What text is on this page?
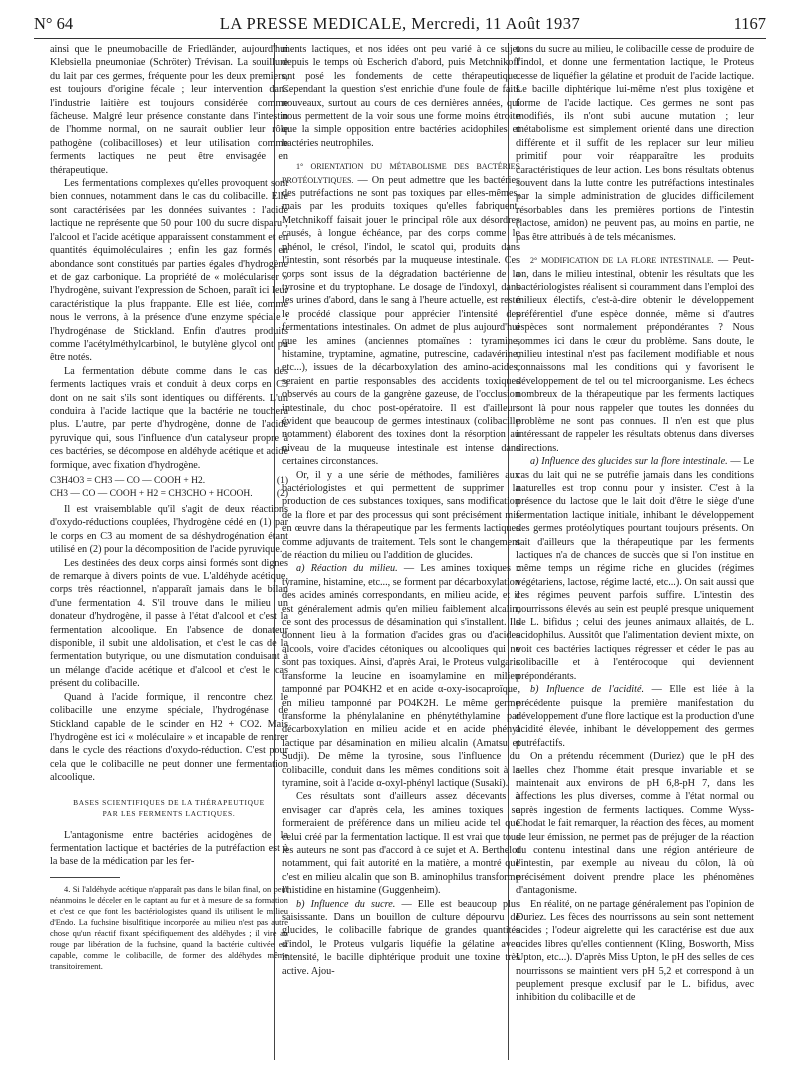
N° 64	LA PRESSE MEDICALE, Mercredi, 11 Août 1937	1167

ainsi que le pneumobacille de Friedländer, aujourd'hui Klebsiella pneumoniae (Schröter) Trévisan. La souillure du lait par ces germes, fréquente pour les deux premiers, est toujours d'origine fécale ; leur intervention dans l'industrie laitière est toujours considérée comme fâcheuse. Malgré leur présence constante dans l'intestin de l'homme normal, on ne saurait oublier leur rôle pathogène (colibacilloses) et leur utilisation comme ferments lactiques ne peut être envisagée en thérapeutique.

Les fermentations complexes qu'elles provoquent sont bien connues, notamment dans le cas du colibacille. Elle sont caractérisées par les données suivantes : l'acide lactique ne représente que 50 pour 100 du sucre disparu ; l'alcool et l'acide acétique apparaissent constamment et en quantités équimoléculaires ; enfin les gaz formés en abondance sont constitués par parties égales d'hydrogène et de gaz carbonique. La propriété de « moléculariser » l'hydrogène, suivant l'expression de Schoen, paraît ici leur caractéristique la plus frappante. Elle est liée, comme nous le verrons, à la présence d'une enzyme spéciale : l'hydrogénase de Stickland. Enfin d'autres produits comme l'acétylméthylcarbinol, le butylène glycol ont pu être notés.

La fermentation débute comme dans le cas des ferments lactiques vrais et conduit à deux corps en C3 dont on ne sait s'ils sont identiques ou différents. L'un conduira à l'acide lactique que la bactérie ne touchera plus. L'autre, par perte d'hydrogène, donne de l'acide pyruvique qui, sous l'influence d'un catalyseur propre à ces bactéries, se décompose en aldéhyde acétique et acide formique, avec fixation d'hydrogène.

C3H4O3 = CH3 — CO — COOH + H2.	(1)
CH3 — CO — COOH + H2 = CH3CHO + HCOOH.	(2)

Il est vraisemblable qu'il s'agit de deux réactions d'oxydo-réductions couplées, l'hydrogène cédé en (1) par le corps en C3 au moment de sa déshydrogénation étant utilisé en (2) pour la décomposition de l'acide pyruvique.

Les destinées des deux corps ainsi formés sont dignes de remarque à divers points de vue. L'aldéhyde acétique, corps très réactionnel, n'apparaît jamais dans le bilan d'une fermentation 4. S'il trouve dans le milieu un donateur d'hydrogène, il passe à l'état d'alcool et c'est la fermentation alcoolique. En l'absence de donateur disponible, il subit une aldolisation, et c'est le cas de la fermentation butyrique, ou une dismutation conduisant à un mélange d'acide acétique et d'alcool et c'est le cas présent du colibacille.

Quand à l'acide formique, il rencontre chez le colibacille une enzyme spéciale, l'hydrogénase de Stickland capable de le scinder en H2 + CO2. Mais l'hydrogène est ici « moléculaire » et incapable de rentrer dans le cycle des réactions d'oxydo-réduction. C'est pour cela que le colibacille ne peut donner une fermentation alcoolique.

BASES SCIENTIFIQUES DE LA THÉRAPEUTIQUE
PAR LES FERMENTS LACTIQUES.

L'antagonisme entre bactéries acidogènes de la fermentation lactique et bactéries de la putréfaction est à la base de la médication par les fer-

4. Si l'aldéhyde acétique n'apparaît pas dans le bilan final, on peut néanmoins le déceler en le captant au fur et à mesure de sa formation et c'est ce que font les bactériologistes quand ils utilisent le milieu d'Endo. La fuchsine bisulfitique incorporée au milieu n'est pas autre chose qu'un réactif fixant spécifiquement des aldéhydes ; il vire au rouge par libération de la fuchsine, quand la bactérie cultivée est capable, comme le colibacille, de former des aldéhydes même transitoirement.

ments lactiques, et nos idées ont peu varié à ce sujet depuis le temps où Escherich d'abord, puis Metchnikoff ont posé les fondements de cette thérapeutique. Cependant la question s'est enrichie d'une foule de faits nouveaux, surtout au cours de ces dernières années, qui nous permettent de la voir sous une forme moins étroite que la simple opposition entre bactéries acidophiles et bactéries neutrophiles.

1° ORIENTATION DU MÉTABOLISME DES BACTÉRIES PROTÉOLYTIQUES. — On peut admettre que les bactéries des putréfactions ne sont pas toxiques par elles-mêmes, mais par les produits toxiques qu'elles fabriquent. Metchnikoff faisait jouer le principal rôle aux désordres causés, à longue échéance, par des corps comme le phénol, le crésol, l'indol, le scatol qui, produits dans l'intestin, sont résorbés par la muqueuse intestinale. Ces corps sont issus de la dégradation bactérienne de la tyrosine et du tryptophane. Le dosage de l'indoxyl, dans les urines d'abord, dans le sang à l'heure actuelle, est resté le procédé classique pour apprécier l'intensité des fermentations intestinales. On admet de plus aujourd'hui que les amines (anciennes ptomaïnes : tyramine, histamine, tryptamine, agmatine, putrescine, cadavérine, etc...), issues de la décarboxylation des amino-acides, seraient en partie responsables des accidents toxiques observés au cours de la gangrène gazeuse, de l'occlusion intestinale, du choc post-opératoire. Il est d'ailleurs évident que beaucoup de germes intestinaux (colibacille notamment) élaborent des toxines dont la résorption au niveau de la muqueuse intestinale est intense dans certaines circonstances.

Or, il y a une série de méthodes, familières aux bactériologistes et qui permettent de supprimer la production de ces substances toxiques, sans modification de la flore et par des processus qui sont précisément mis en œuvre dans la thérapeutique par les ferments lactiques comme adjuvants de traitement. Tels sont le changement de réaction du milieu ou l'addition de glucides.

a) Réaction du milieu. — Les amines toxiques : tyramine, histamine, etc..., se forment par décarboxylation des acides aminés correspondants, en milieu acide, et il est généralement admis qu'en milieu faiblement alcalin, ce sont des processus de désamination qui s'installent. Ils donnent lieu à la formation d'acides gras ou d'acides alcools, voire d'acides cétoniques ou alcooliques qui ne sont pas toxiques. Ainsi, d'après Arai, le Proteus vulgaris transforme la leucine en isoamylamine en milieu tamponné par PO4KH2 et en acide α-oxy-isocaproïque, en milieu tamponné par PO4K2H. Le même germe transforme la phénylalanine en phénytéthylamine par décarboxylation en milieu acide et en acide phényl lactique par désamination en milieu alcalin (Amatsu et Sudji). De même la tyrosine, sous l'influence du colibacille, conduit dans les mêmes conditions soit à la tyramine, soit à l'acide α-oxyl-phényl lactique (Susaki).

Ces résultats sont d'ailleurs assez décevants à envisager car d'après cela, les amines toxiques se formeraient de préférence dans un milieu acide tel que celui créé par la fermentation lactique. Il est vrai que tous les auteurs ne sont pas d'accord à ce sujet et A. Berthelot notamment, qui fait autorité en la matière, a montré que c'est en milieu alcalin que son B. aminophilus transforme l'histidine en histamine (Guggenheim).

b) Influence du sucre. — Elle est beaucoup plus saisissante. Dans un bouillon de culture dépourvu de glucides, le colibacille fabrique de grandes quantités d'indol, le Proteus vulgaris liquéfie la gélatine avec intensité, le bacille diphtérique produit une toxine très active. Ajou-

tons du sucre au milieu, le colibacille cesse de produire de l'indol, et donne une fermentation lactique, le Proteus cesse de liquéfier la gélatine et produit de l'acide lactique. Le bacille diphtérique lui-même n'est plus toxigène et forme de l'acide lactique. Ces germes ne sont pas modifiés, ils n'ont subi aucune mutation ; leur métabolisme est simplement orienté dans une direction différente et il suffit de les replacer sur leur milieu primitif pour voir réapparaître les produits caractéristiques de leur action. Les bons résultats obtenus souvent dans la lutte contre les putréfactions intestinales par la simple administration de glucides difficilement résorbables dans les premières portions de l'intestin (lactose, amidon) ne peuvent pas, au moins en partie, ne pas être attribués à de tels mécanismes.

2° MODIFICATION DE LA FLORE INTESTINALE. — Peut-on, dans le milieu intestinal, obtenir les résultats que les bactériologistes réalisent si couramment dans l'emploi des milieux électifs, c'est-à-dire obtenir le développement préférentiel d'une espèce donnée, même si d'autres espèces sont normalement prépondérantes ? Nous sommes ici dans le cœur du problème. Sans doute, le milieu intestinal n'est pas facilement modifiable et nous connaissons mal les conditions qui y favorisent le développement de tel ou tel microorganisme. Les échecs nombreux de la thérapeutique par les ferments lactiques sont là pour nous rappeler que toutes les données du problème ne sont pas connues. Il n'en est que plus intéressant de rappeler les résultats obtenus dans diverses directions.

a) Influence des glucides sur la flore intestinale. — Le cas du lait qui ne se putréfie jamais dans les conditions naturelles est trop connu pour y insister. C'est à la présence du lactose que le lait doit d'être le siège d'une fermentation lactique initiale, inhibant le développement des germes protéolytiques pourtant toujours présents. On sait d'ailleurs que la thérapeutique par les ferments lactiques n'a de chances de succès que si l'on institue en même temps un régime riche en glucides (régimes végétariens, lactose, régime lacté, etc...). On sait aussi que ces régimes peuvent parfois suffire. L'intestin des nourrissons élevés au sein est peuplé presque uniquement de L. bifidus ; celui des jeunes animaux allaités, de L. acidophilus. Aussitôt que l'alimentation devient mixte, on voit ces bactéries lactiques régresser et céder le pas au colibacille et à l'entérocoque qui deviennent prépondérants.

b) Influence de l'acidité. — Elle est liée à la précédente puisque la première manifestation du développement d'une flore lactique est la production d'une acidité élevée, inhibant le développement des germes putréfactifs.

On a prétendu récemment (Duriez) que le pH des selles chez l'homme était presque invariable et se maintenait aux environs de pH 6,8-pH 7, dans les affections les plus diverses, comme à l'état normal ou après ingestion de ferments lactiques. Comme Wyss-Chodat le fait remarquer, la réaction des fèces, au moment de leur émission, ne permet pas de préjuger de la réaction du contenu intestinal dans une région antérieure de l'intestin, par exemple au niveau du côlon, là où précisément doivent prendre place les phénomènes d'antagonisme.

En réalité, on ne partage généralement pas l'opinion de Duriez. Les fèces des nourrissons au sein sont nettement acides ; l'odeur aigrelette qui les caractérise est due aux acides libres qu'elles contiennent (Kling, Bosworth, Miss Upton, etc...). D'après Miss Upton, le pH des selles de ces nourrissons se maintient vers pH 5,2 et correspond à un peuplement presque exclusif par le L. bifidus, avec inhibition du colibacille et de
